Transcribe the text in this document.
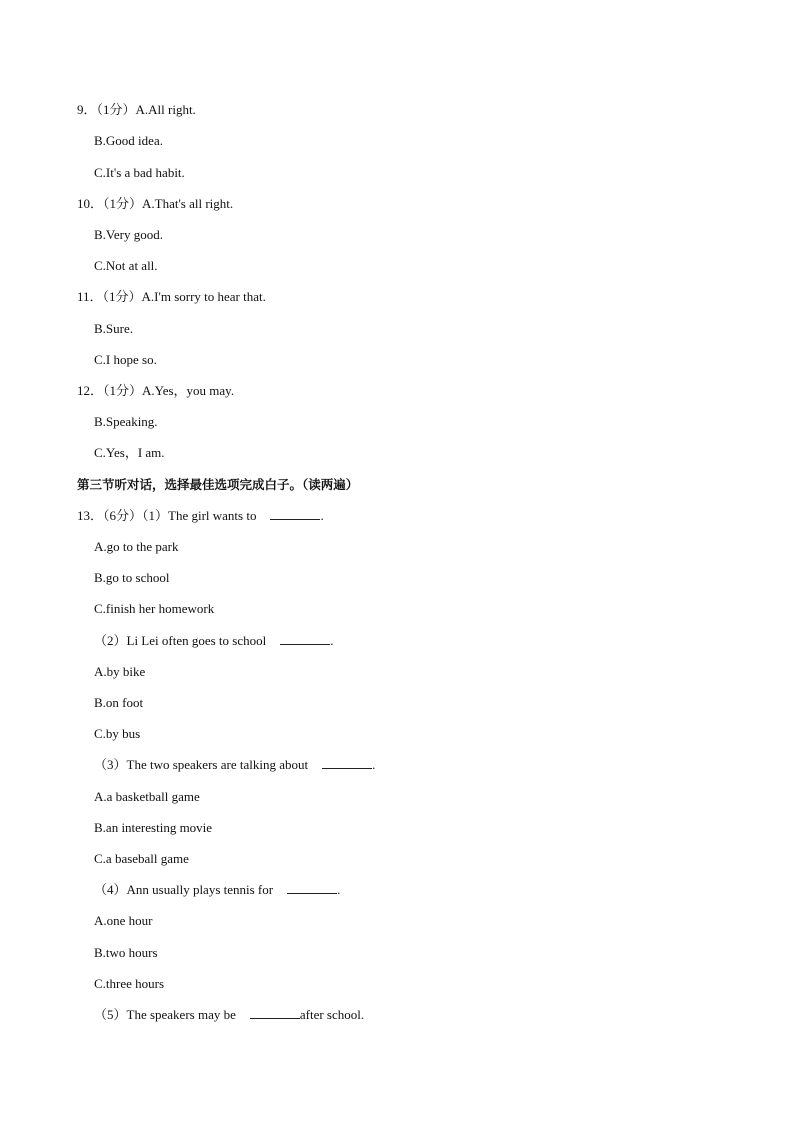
9．（1分）A.All right.
B.Good idea.
C.It's a bad habit.
10．（1分）A.That's all right.
B.Very good.
C.Not at all.
11．（1分）A.I'm sorry to hear that.
B.Sure.
C.I hope so.
12．（1分）A.Yes，you may.
B.Speaking.
C.Yes，I am.
第三节听对话，选择最佳选项完成白子。（读两遍）
13．（6分）（1）The girl wants to	.
A.go to the park
B.go to school
C.finish her homework
（2）Li Lei often goes to school	.
A.by bike
B.on foot
C.by bus
（3）The two speakers are talking about	.
A.a basketball game
B.an interesting movie
C.a baseball game
（4）Ann usually plays tennis for	.
A.one hour
B.two hours
C.three hours
（5）The speakers may be	after school.
